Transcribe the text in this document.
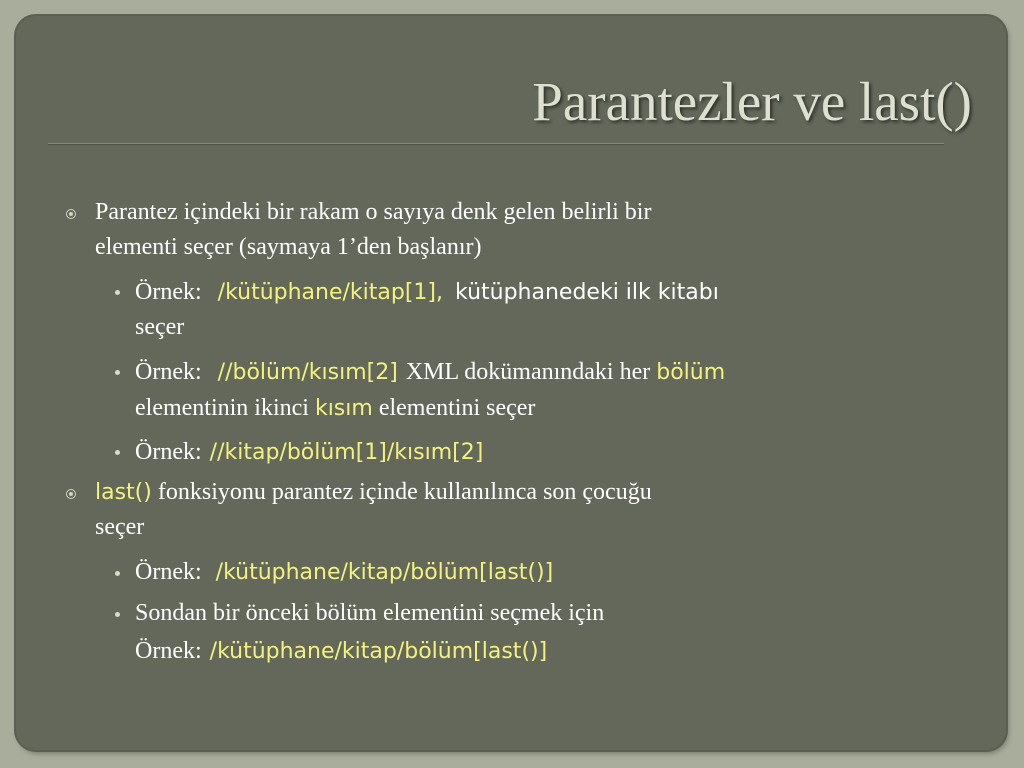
Parantezler ve last()
Parantez içindeki bir rakam o sayıya denk gelen belirli bir
elementi seçer (saymaya 1’den başlanır)
Örnek: /kütüphane/kitap[1], kütüphanedeki ilk kitabı
seçer
Örnek: //bölüm/kısım[2] XML dokümanındaki her bölüm
elementinin ikinci kısım elementini seçer
Örnek: //kitap/bölüm[1]/kısım[2]
last() fonksiyonu parantez içinde kullanılınca son çocuğu
seçer
Örnek: /kütüphane/kitap/bölüm[last()]
Sondan bir önceki bölüm elementini seçmek için
Örnek: /kütüphane/kitap/bölüm[last()]
